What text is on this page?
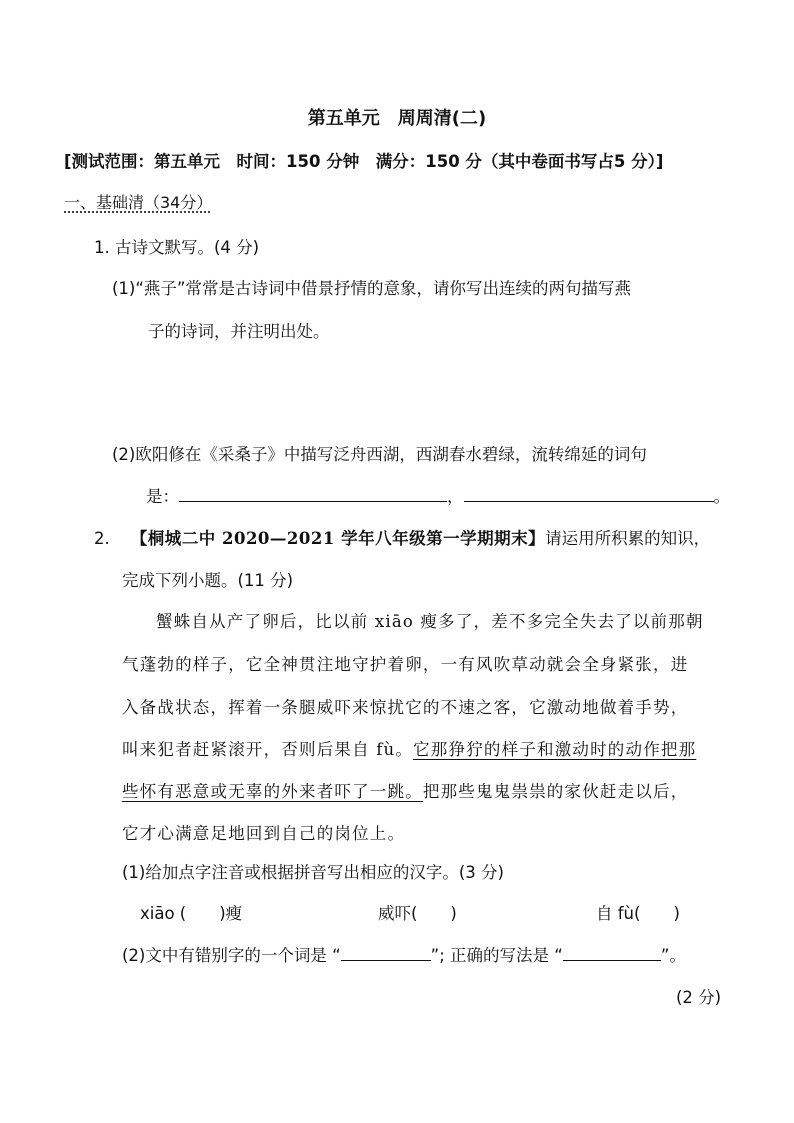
第五单元　周周清(二)
[测试范围：第五单元　时间：150 分钟　满分：150 分（其中卷面书写占5 分）]
一、基础清（34分）
1. 古诗文默写。(4 分)
(1)“燕子”常常是古诗词中借景抒情的意象，请你写出连续的两句描写燕
子的诗词，并注明出处。
(2)欧阳修在《采桑子》中描写泛舟西湖，西湖春水碧绿，流转绵延的词句
是：	，	。
2. 【桐城二中 2020—2021 学年八年级第一学期期末】请运用所积累的知识，
完成下列小题。(11 分)
蟹蛛自从产了卵后，比以前 xiāo 瘦多了，差不多完全失去了以前那朝
气蓬勃的样子，它全神贯注地守护着卵，一有风吹草动就会全身紧张，进
入备战状态，挥着一条腿威吓来惊扰它的不速之客，它激动地做着手势，
叫来犯者赶紧滚开，否则后果自 fù。它那狰狞的样子和激动时的动作把那
些怀有恶意或无辜的外来者吓了一跳。把那些鬼鬼祟祟的家伙赶走以后，
它才心满意足地回到自己的岗位上。
(1)给加点字注音或根据拼音写出相应的汉字。(3 分)
xiāo (　　)瘦	威吓(　　)	自 fù(　　)
(2)文中有错别字的一个词是 “	”; 正确的写法是 “	”。
(2 分)
